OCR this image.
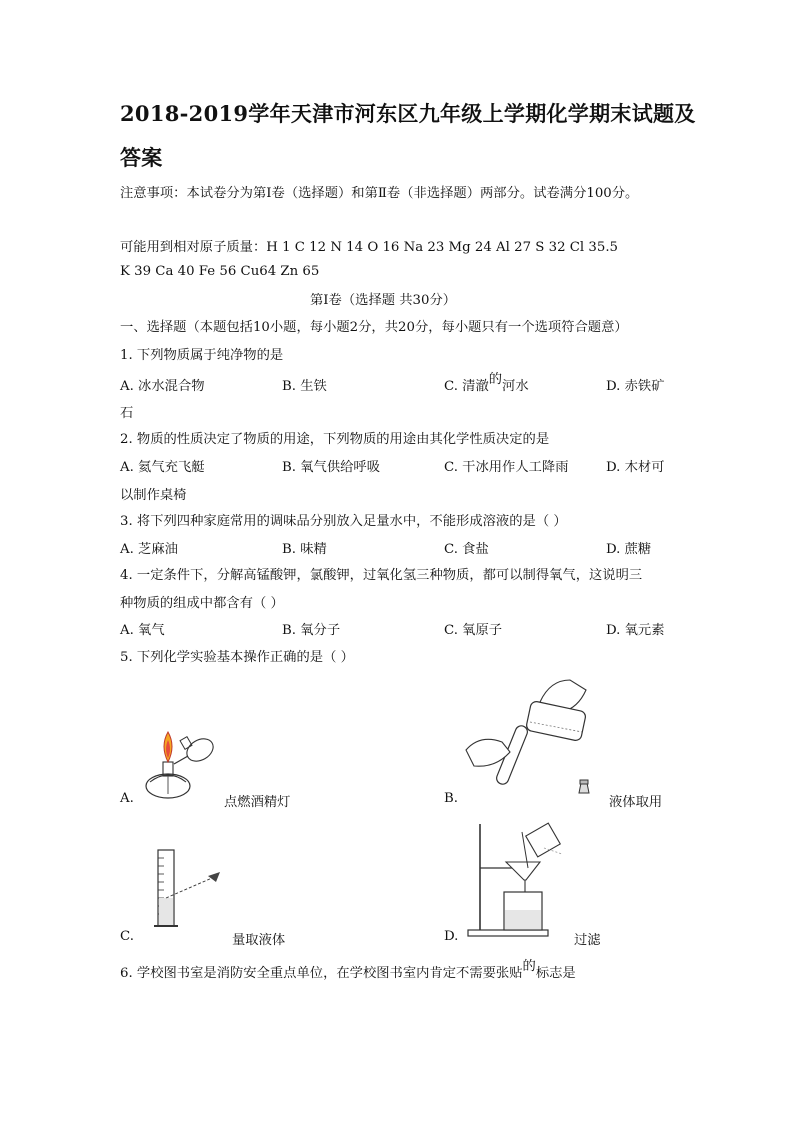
2018-2019学年天津市河东区九年级上学期化学期末试题及
答案
注意事项：本试卷分为第Ⅰ卷（选择题）和第Ⅱ卷（非选择题）两部分。试卷满分100分。
可能用到相对原子质量：H 1 C 12 N 14 O 16 Na 23 Mg 24 Al 27 S 32 Cl 35.5
K 39 Ca 40 Fe 56 Cu64 Zn 65
第Ⅰ卷（选择题 共30分）
一、选择题（本题包括10小题，每小题2分，共20分，每小题只有一个选项符合题意）
1. 下列物质属于纯净物的是
A. 冰水混合物	B. 生铁	C. 清澈的河水	D. 赤铁矿
石
2. 物质的性质决定了物质的用途，下列物质的用途由其化学性质决定的是
A. 氦气充飞艇	B. 氧气供给呼吸	C. 干冰用作人工降雨	D. 木材可
以制作桌椅
3. 将下列四种家庭常用的调味品分别放入足量水中，不能形成溶液的是（ ）
A. 芝麻油	B. 味精	C. 食盐	D. 蔗糖
4. 一定条件下，分解高锰酸钾，氯酸钾，过氧化氢三种物质，都可以制得氧气，这说明三
种物质的组成中都含有（ ）
A. 氧气	B. 氧分子	C. 氧原子	D. 氧元素
5. 下列化学实验基本操作正确的是（ ）
A.	点燃酒精灯	B.	液体取用
C.	量取液体	D.	过滤
6. 学校图书室是消防安全重点单位，在学校图书室内肯定不需要张贴的标志是
